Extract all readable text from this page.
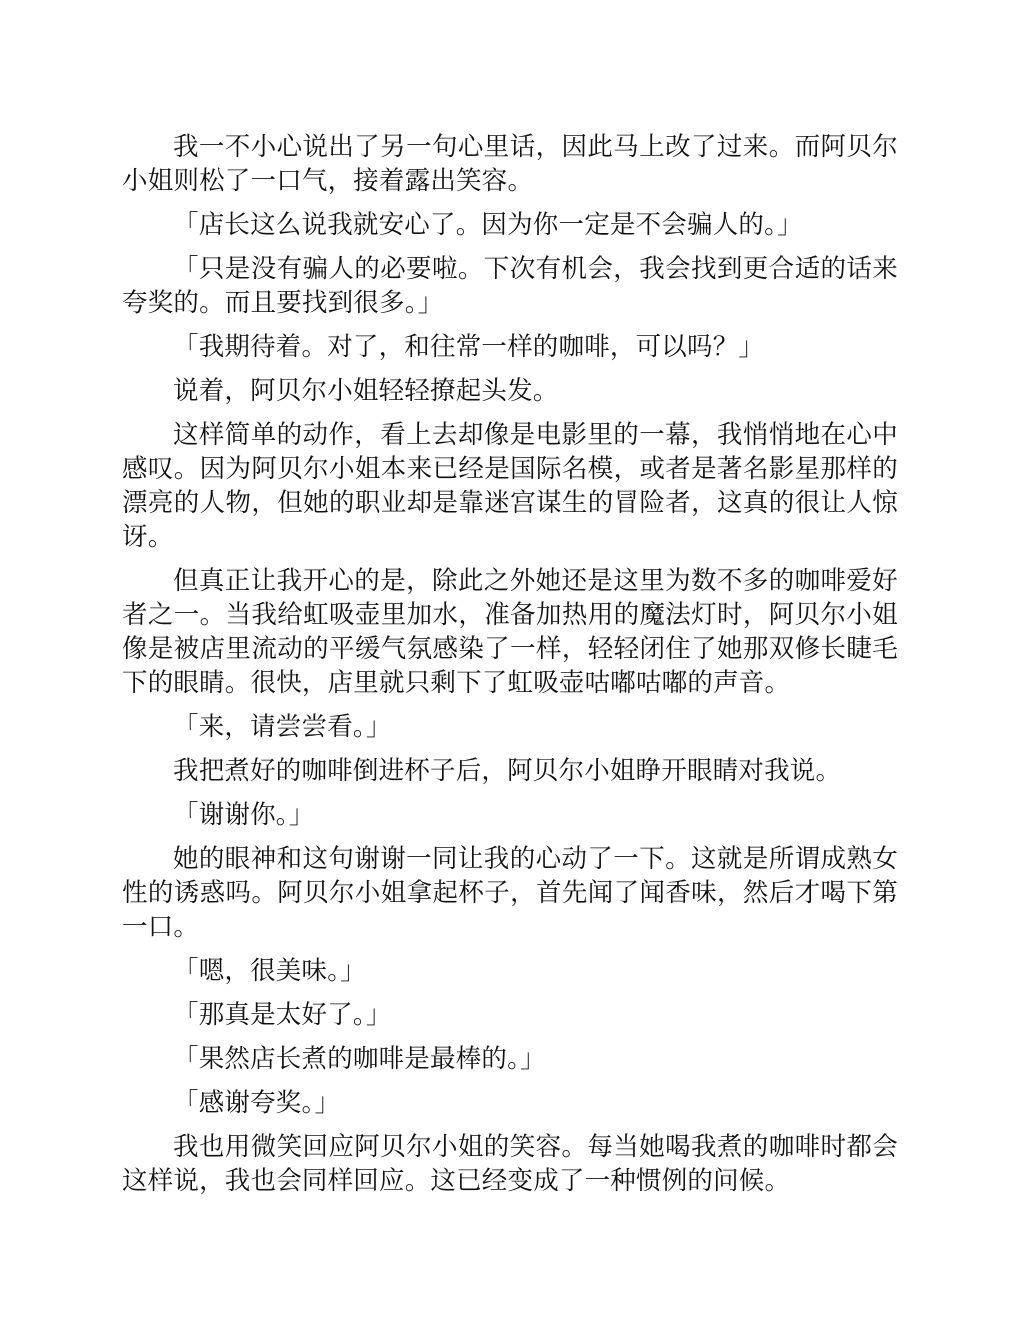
我一不小心说出了另一句心里话，因此马上改了过来。而阿贝尔小姐则松了一口气，接着露出笑容。

「店长这么说我就安心了。因为你一定是不会骗人的。」

「只是没有骗人的必要啦。下次有机会，我会找到更合适的话来夸奖的。而且要找到很多。」

「我期待着。对了，和往常一样的咖啡，可以吗？」

说着，阿贝尔小姐轻轻撩起头发。

这样简单的动作，看上去却像是电影里的一幕，我悄悄地在心中感叹。因为阿贝尔小姐本来已经是国际名模，或者是著名影星那样的漂亮的人物，但她的职业却是靠迷宫谋生的冒险者，这真的很让人惊讶。

但真正让我开心的是，除此之外她还是这里为数不多的咖啡爱好者之一。当我给虹吸壶里加水，准备加热用的魔法灯时，阿贝尔小姐像是被店里流动的平缓气氛感染了一样，轻轻闭住了她那双修长睫毛下的眼睛。很快，店里就只剩下了虹吸壶咕嘟咕嘟的声音。

「来，请尝尝看。」

我把煮好的咖啡倒进杯子后，阿贝尔小姐睁开眼睛对我说。

「谢谢你。」

她的眼神和这句谢谢一同让我的心动了一下。这就是所谓成熟女性的诱惑吗。阿贝尔小姐拿起杯子，首先闻了闻香味，然后才喝下第一口。

「嗯，很美味。」

「那真是太好了。」

「果然店长煮的咖啡是最棒的。」

「感谢夸奖。」

我也用微笑回应阿贝尔小姐的笑容。每当她喝我煮的咖啡时都会这样说，我也会同样回应。这已经变成了一种惯例的问候。
